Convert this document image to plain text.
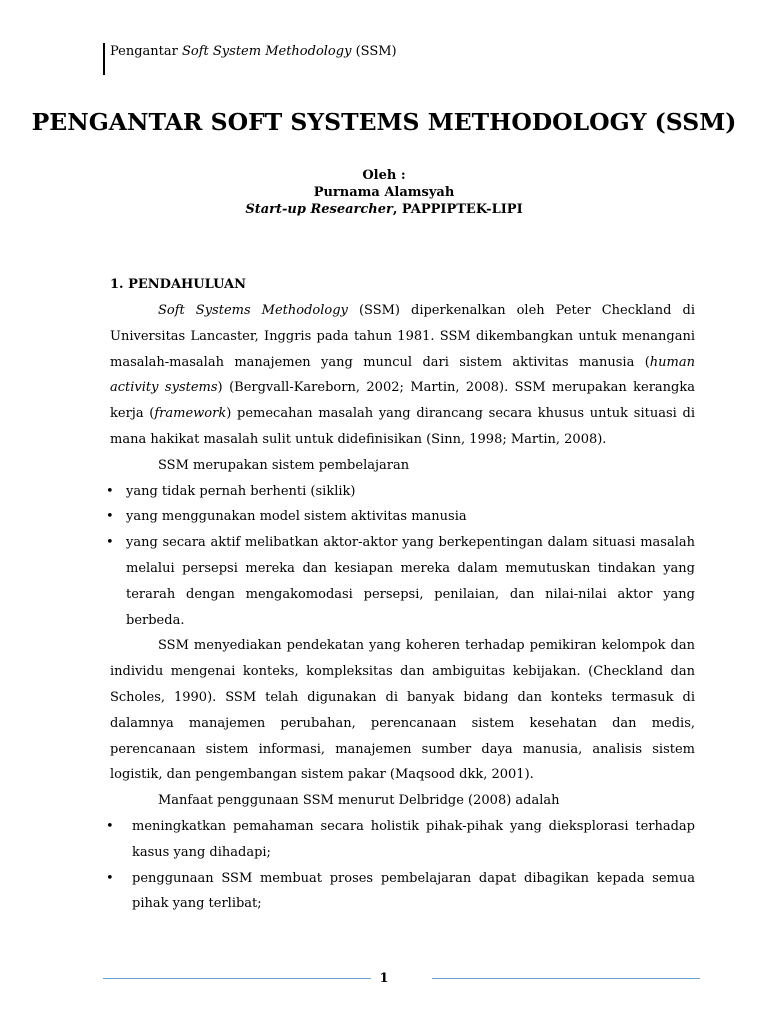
Pengantar Soft System Methodology (SSM)
PENGANTAR SOFT SYSTEMS METHODOLOGY (SSM)
Oleh :
Purnama Alamsyah
Start-up Researcher, PAPPIPTEK-LIPI
1. PENDAHULUAN

Soft Systems Methodology (SSM) diperkenalkan oleh Peter Checkland di Universitas Lancaster, Inggris pada tahun 1981. SSM dikembangkan untuk menangani masalah-masalah manajemen yang muncul dari sistem aktivitas manusia (human activity systems) (Bergvall-Kareborn, 2002; Martin, 2008). SSM merupakan kerangka kerja (framework) pemecahan masalah yang dirancang secara khusus untuk situasi di mana hakikat masalah sulit untuk didefinisikan (Sinn, 1998; Martin, 2008).

SSM merupakan sistem pembelajaran

• yang tidak pernah berhenti (siklik)
• yang menggunakan model sistem aktivitas manusia
• yang secara aktif melibatkan aktor-aktor yang berkepentingan dalam situasi masalah melalui persepsi mereka dan kesiapan mereka dalam memutuskan tindakan yang terarah dengan mengakomodasi persepsi, penilaian, dan nilai-nilai aktor yang berbeda.

SSM menyediakan pendekatan yang koheren terhadap pemikiran kelompok dan individu mengenai konteks, kompleksitas dan ambiguitas kebijakan. (Checkland dan Scholes, 1990). SSM telah digunakan di banyak bidang dan konteks termasuk di dalamnya manajemen perubahan, perencanaan sistem kesehatan dan medis, perencanaan sistem informasi, manajemen sumber daya manusia, analisis sistem logistik, dan pengembangan sistem pakar (Maqsood dkk, 2001).

Manfaat penggunaan SSM menurut Delbridge (2008) adalah

• meningkatkan pemahaman secara holistik pihak-pihak yang dieksplorasi terhadap kasus yang dihadapi;
• penggunaan SSM membuat proses pembelajaran dapat dibagikan kepada semua pihak yang terlibat;
1
